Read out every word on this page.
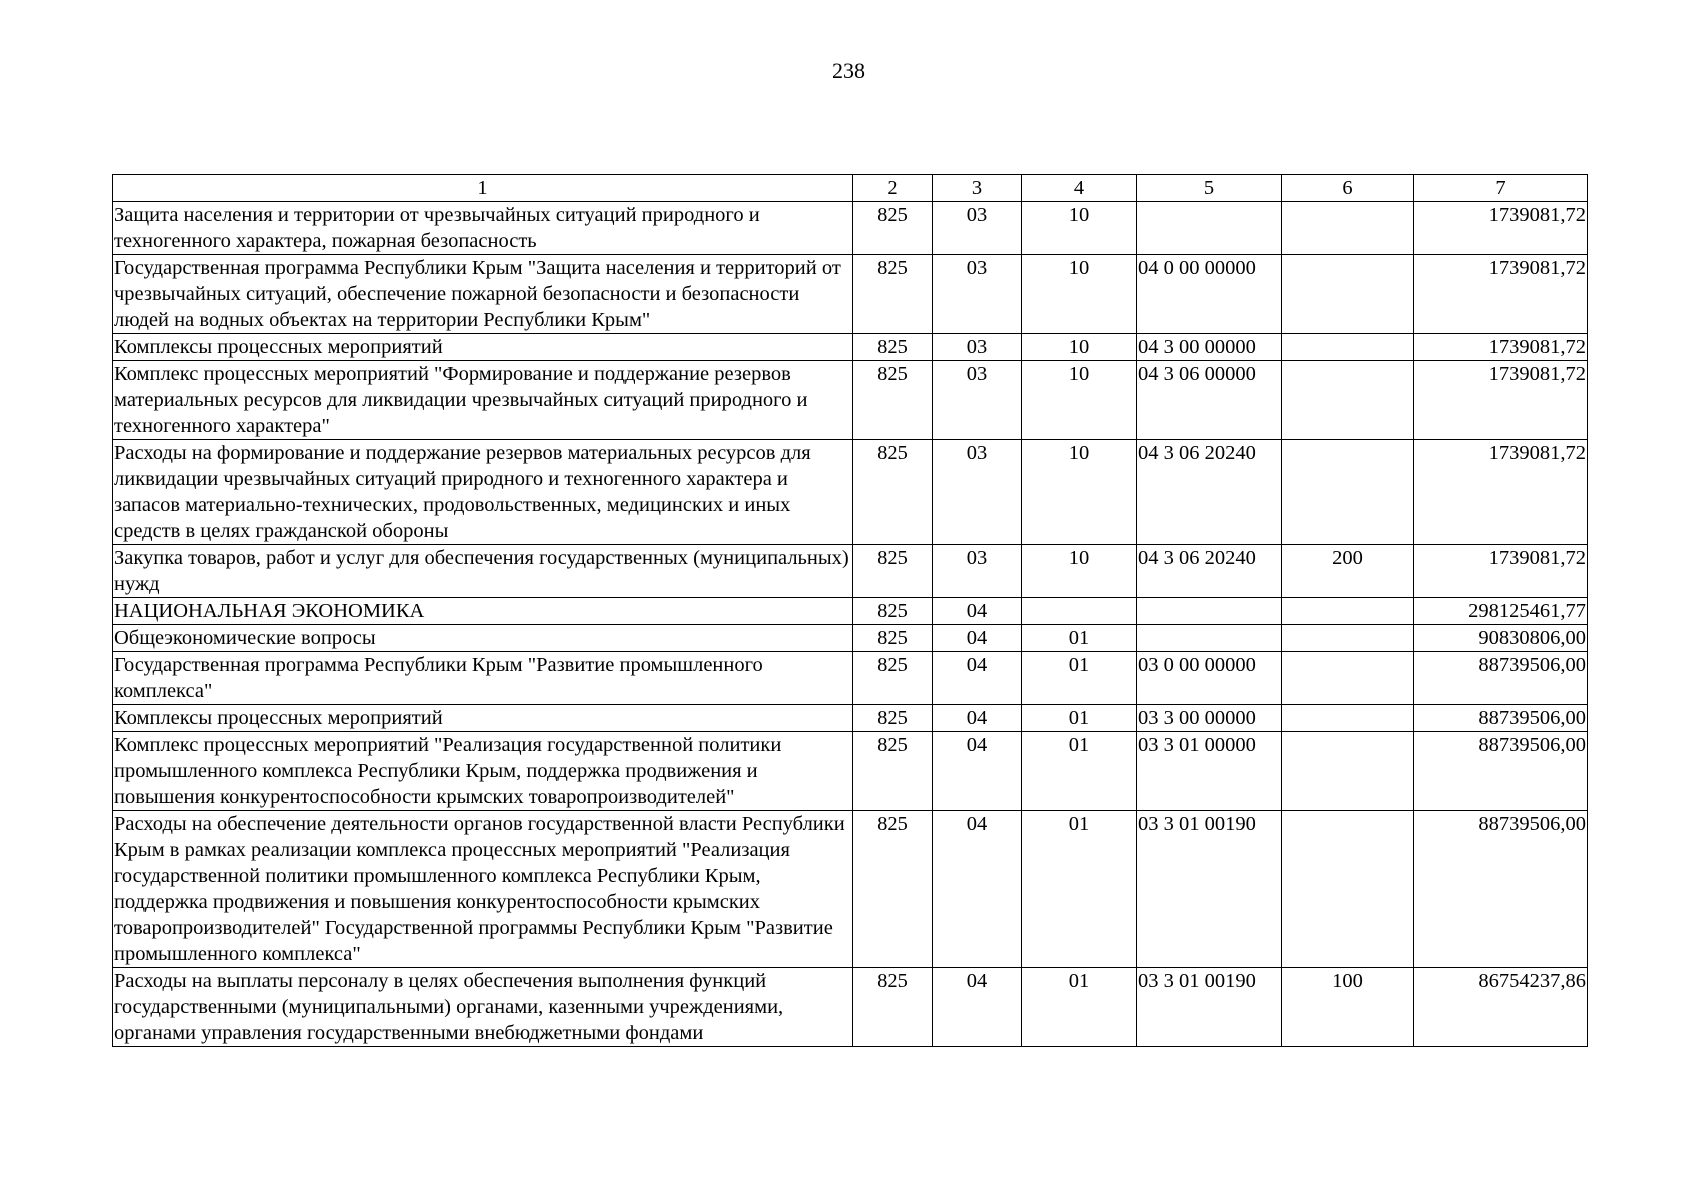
238
1	2	3	4	5	6	7
Защита населения и территории от чрезвычайных ситуаций природного и техногенного характера, пожарная безопасность	825	03	10			1739081,72
Государственная программа Республики Крым "Защита населения и территорий от чрезвычайных ситуаций, обеспечение пожарной безопасности и безопасности людей на водных объектах на территории Республики Крым"	825	03	10	04 0 00 00000		1739081,72
Комплексы процессных мероприятий	825	03	10	04 3 00 00000		1739081,72
Комплекс процессных мероприятий "Формирование и поддержание резервов материальных ресурсов для ликвидации чрезвычайных ситуаций природного и техногенного характера"	825	03	10	04 3 06 00000		1739081,72
Расходы на формирование и поддержание резервов материальных ресурсов для ликвидации чрезвычайных ситуаций природного и техногенного характера и запасов материально-технических, продовольственных, медицинских и иных средств в целях гражданской обороны	825	03	10	04 3 06 20240		1739081,72
Закупка товаров, работ и услуг для обеспечения государственных (муниципальных) нужд	825	03	10	04 3 06 20240	200	1739081,72
НАЦИОНАЛЬНАЯ ЭКОНОМИКА	825	04				298125461,77
Общеэкономические вопросы	825	04	01			90830806,00
Государственная программа Республики Крым "Развитие промышленного комплекса"	825	04	01	03 0 00 00000		88739506,00
Комплексы процессных мероприятий	825	04	01	03 3 00 00000		88739506,00
Комплекс процессных мероприятий "Реализация государственной политики промышленного комплекса Республики Крым, поддержка продвижения и повышения конкурентоспособности крымских товаропроизводителей"	825	04	01	03 3 01 00000		88739506,00
Расходы на обеспечение деятельности органов государственной власти Республики Крым в рамках реализации комплекса процессных мероприятий "Реализация государственной политики промышленного комплекса Республики Крым, поддержка продвижения и повышения конкурентоспособности крымских товаропроизводителей" Государственной программы Республики Крым "Развитие промышленного комплекса"	825	04	01	03 3 01 00190		88739506,00
Расходы на выплаты персоналу в целях обеспечения выполнения функций государственными (муниципальными) органами, казенными учреждениями, органами управления государственными внебюджетными фондами	825	04	01	03 3 01 00190	100	86754237,86
